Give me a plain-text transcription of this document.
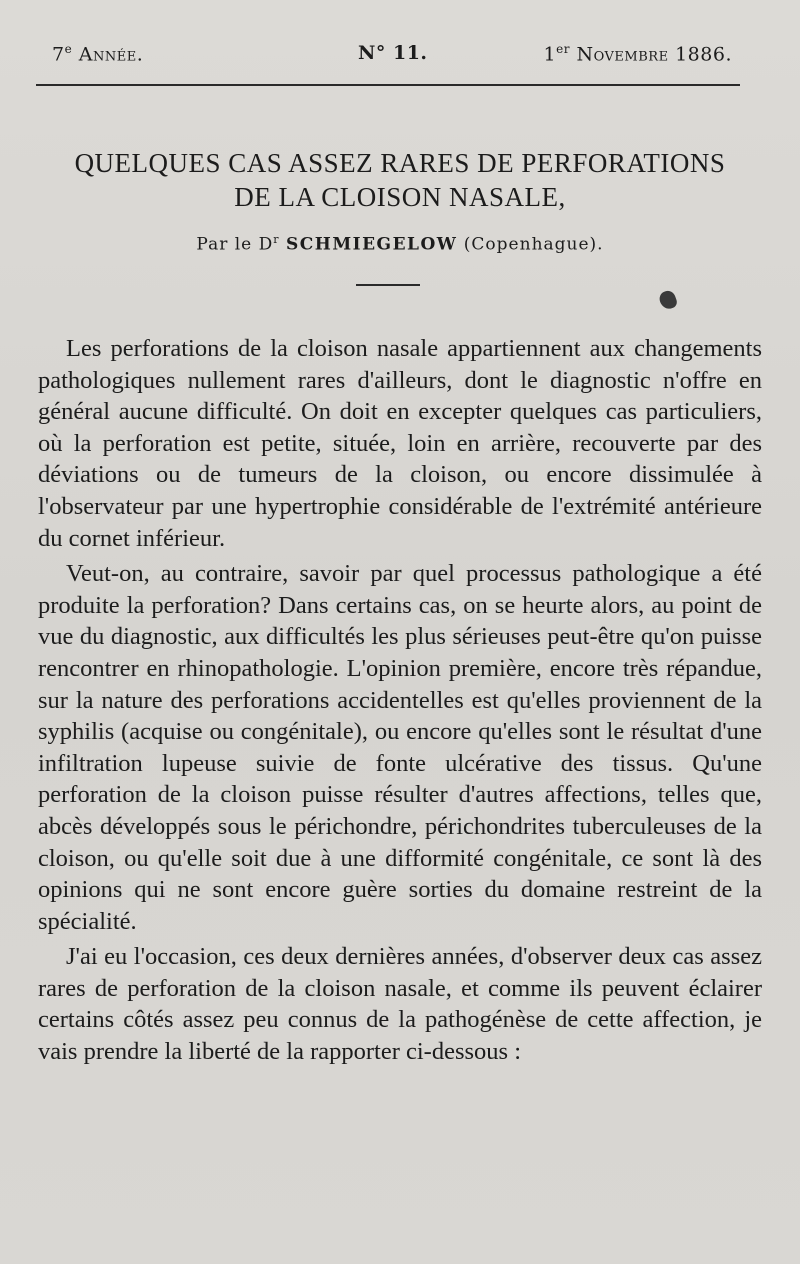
7e Année.	N° 11.	1er Novembre 1886.
QUELQUES CAS ASSEZ RARES DE PERFORATIONS
DE LA CLOISON NASALE,
Par le $D^r$ SCHMIEGELOW (Copenhague).

Les perforations de la cloison nasale appartiennent aux changements pathologiques nullement rares d'ailleurs, dont le diagnostic n'offre en général aucune difficulté. On doit en excepter quelques cas particuliers, où la perforation est petite, située, loin en arrière, recouverte par des déviations ou de tumeurs de la cloison, ou encore dissimulée à l'observateur par une hypertrophie considérable de l'extrémité antérieure du cornet inférieur.

Veut-on, au contraire, savoir par quel processus pathologique a été produite la perforation? Dans certains cas, on se heurte alors, au point de vue du diagnostic, aux difficultés les plus sérieuses peut-être qu'on puisse rencontrer en rhinopathologie. L'opinion première, encore très répandue, sur la nature des perforations accidentelles est qu'elles proviennent de la syphilis (acquise ou congénitale), ou encore qu'elles sont le résultat d'une infiltration lupeuse suivie de fonte ulcérative des tissus. Qu'une perforation de la cloison puisse résulter d'autres affections, telles que, abcès développés sous le périchondre, périchondrites tuberculeuses de la cloison, ou qu'elle soit due à une difformité congénitale, ce sont là des opinions qui ne sont encore guère sorties du domaine restreint de la spécialité.

J'ai eu l'occasion, ces deux dernières années, d'observer deux cas assez rares de perforation de la cloison nasale, et comme ils peuvent éclairer certains côtés assez peu connus de la pathogénèse de cette affection, je vais prendre la liberté de la rapporter ci-dessous :
